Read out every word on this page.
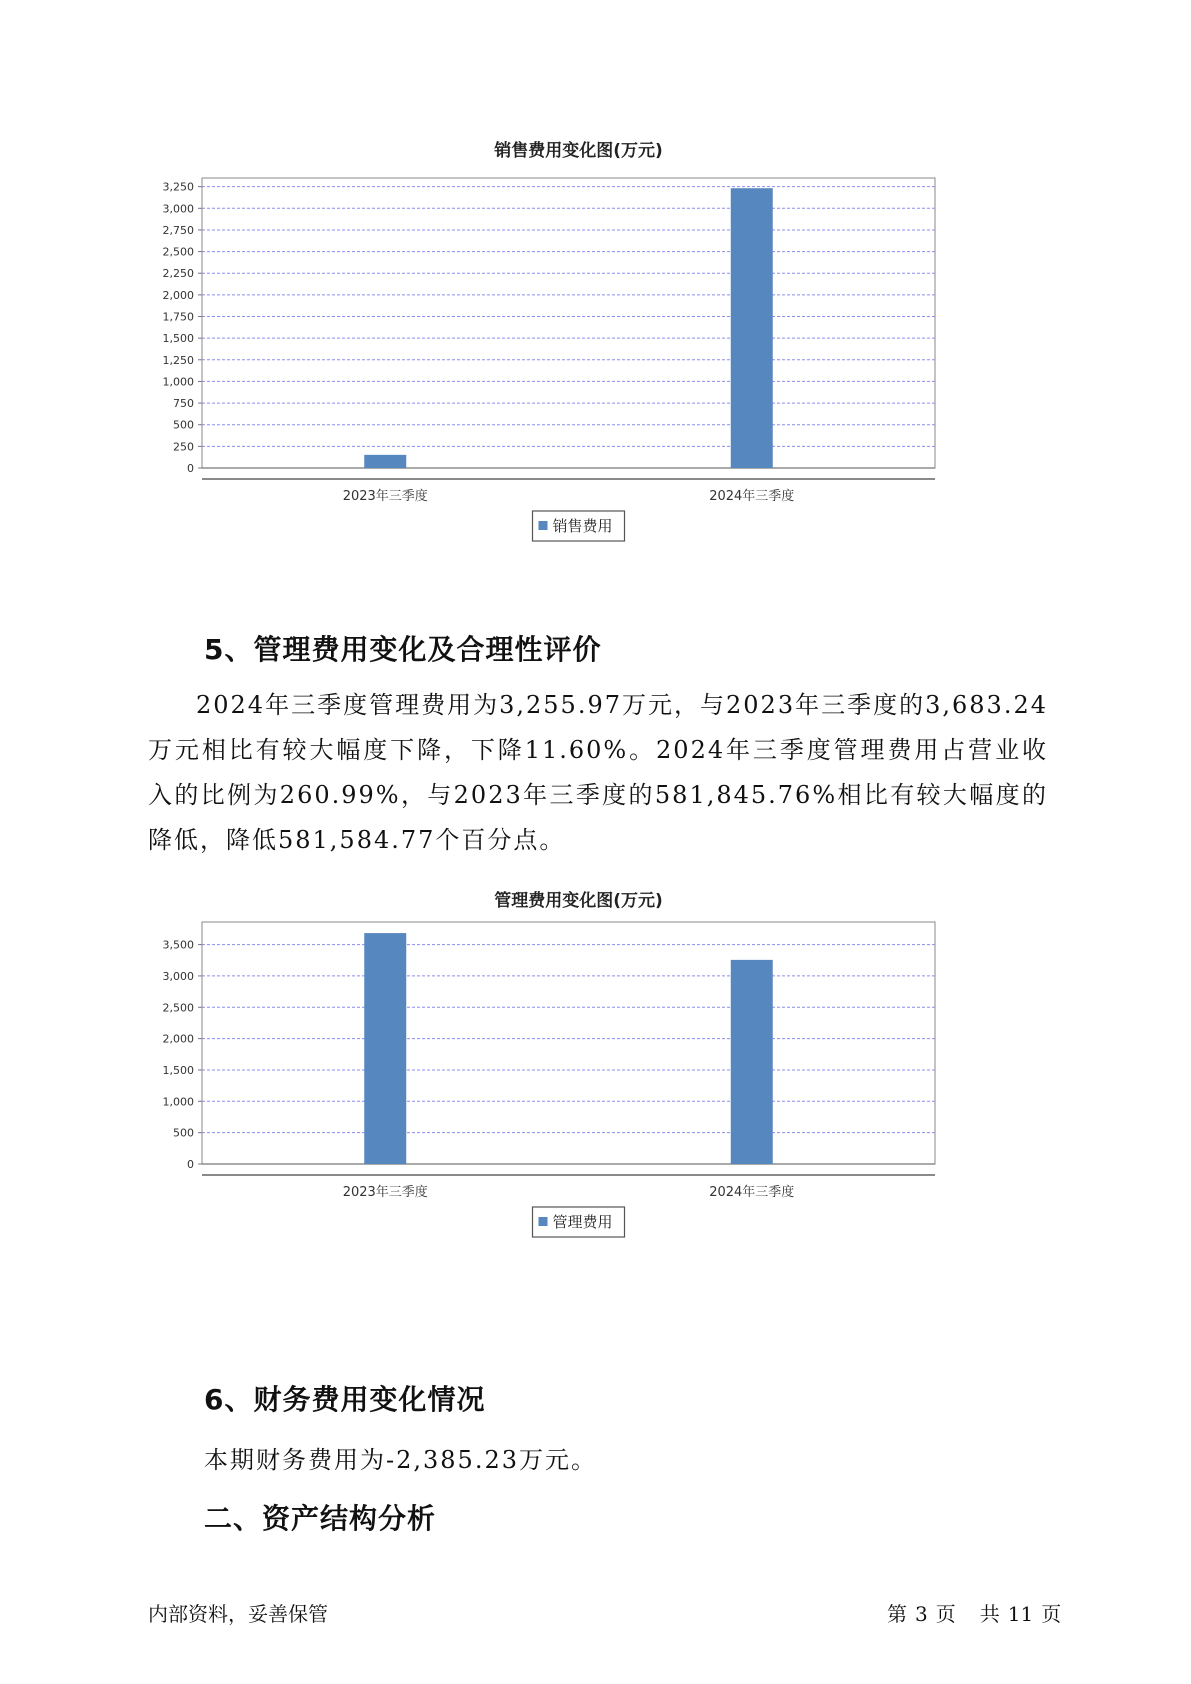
销售费用变化图(万元)
0
250
500
750
1,000
1,250
1,500
1,750
2,000
2,250
2,500
2,750
3,000
3,250
2023年三季度	2024年三季度
销售费用
5、管理费用变化及合理性评价

2024年三季度管理费用为3,255.97万元，与2023年三季度的3,683.24万元相比有较大幅度下降，下降11.60%。2024年三季度管理费用占营业收入的比例为260.99%，与2023年三季度的581,845.76%相比有较大幅度的降低，降低581,584.77个百分点。

管理费用变化图(万元)
0
500
1,000
1,500
2,000
2,500
3,000
3,500
2023年三季度	2024年三季度
管理费用
6、财务费用变化情况
本期财务费用为-2,385.23万元。
二、资产结构分析
内部资料，妥善保管	第 3 页 共 11 页
